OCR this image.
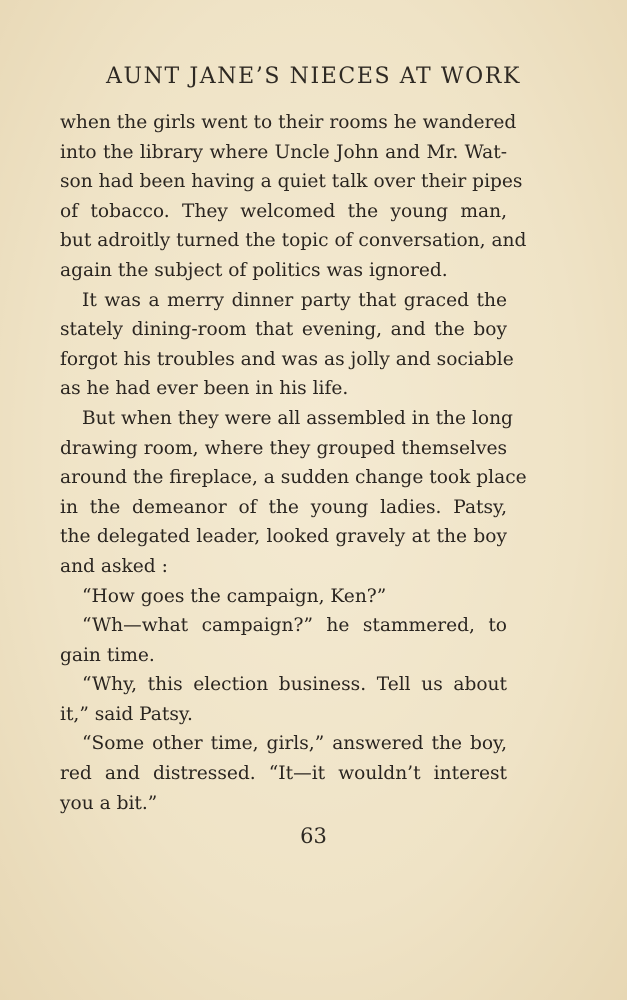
AUNT JANE’S NIECES AT WORK
when the girls went to their rooms he wandered
into the library where Uncle John and Mr. Wat-
son had been having a quiet talk over their pipes
of tobacco. They welcomed the young man,
but adroitly turned the topic of conversation, and
again the subject of politics was ignored.
It was a merry dinner party that graced the
stately dining-room that evening, and the boy
forgot his troubles and was as jolly and sociable
as he had ever been in his life.
But when they were all assembled in the long
drawing room, where they grouped themselves
around the fireplace, a sudden change took place
in the demeanor of the young ladies. Patsy,
the delegated leader, looked gravely at the boy
and asked :
“How goes the campaign, Ken?”
“Wh—what campaign?” he stammered, to
gain time.
“Why, this election business. Tell us about
it,” said Patsy.
“Some other time, girls,” answered the boy,
red and distressed. “It—it wouldn’t interest
you a bit.”
63
